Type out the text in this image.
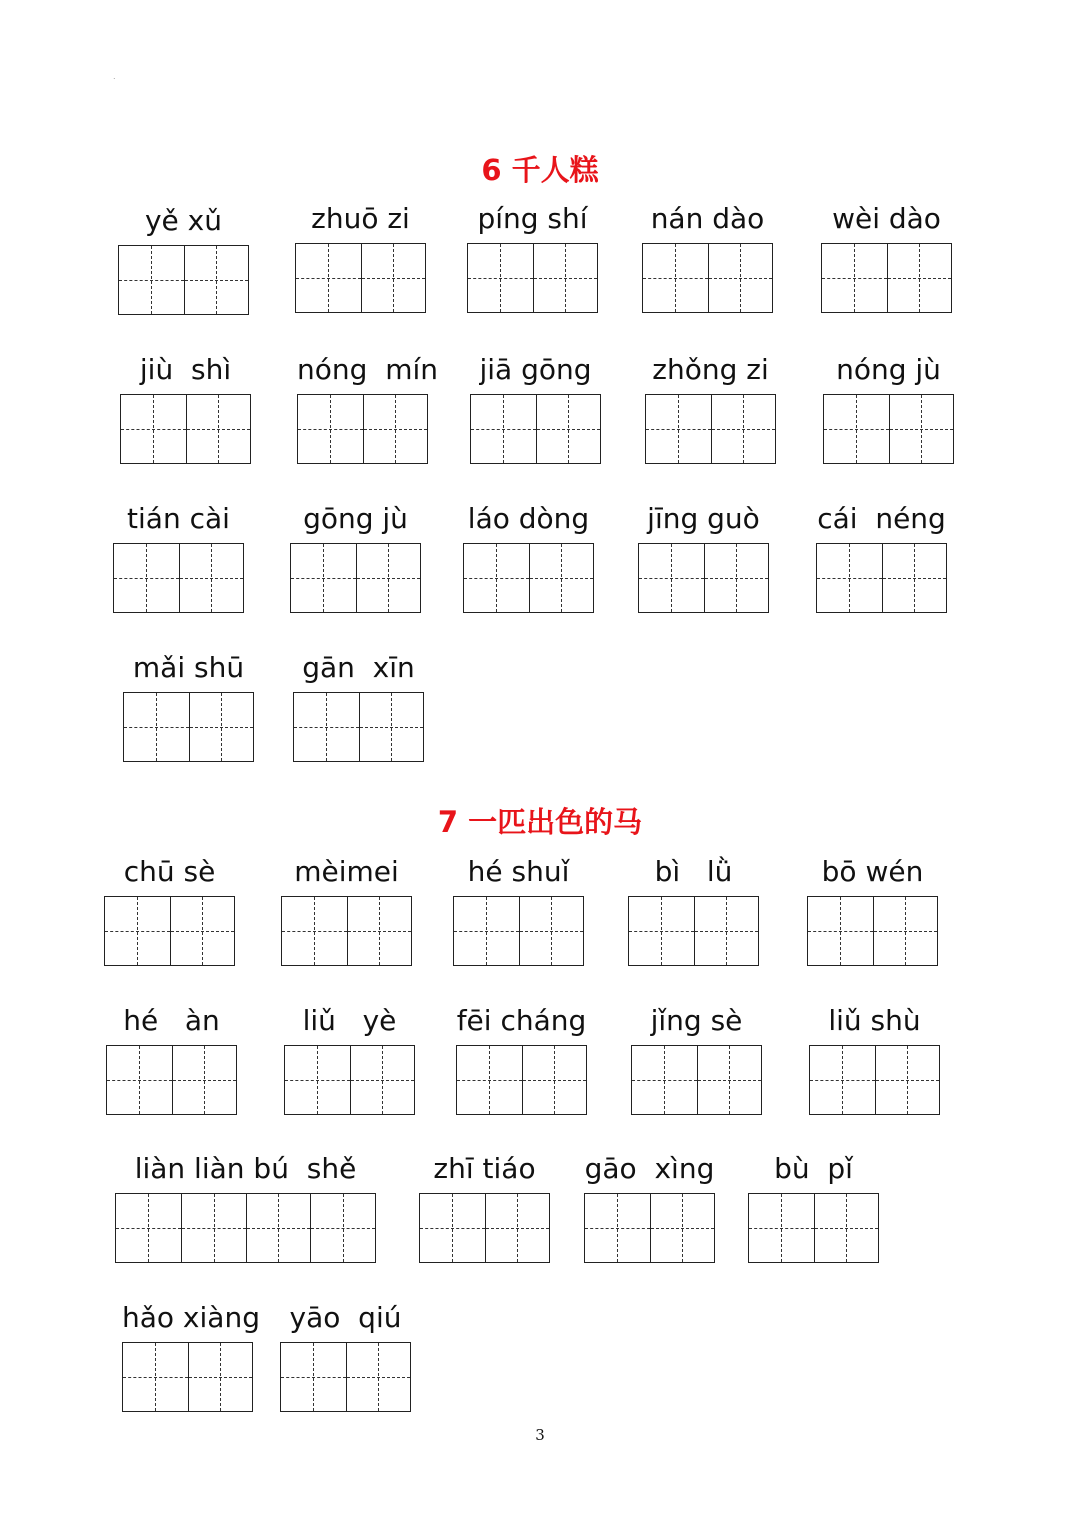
.
6 千人糕
yě xǔ	zhuō zi	píng shí	nán dào	wèi dào
jiù  shì	nóng  mín	jiā gōng	zhǒng zi	nóng jù
tián cài	gōng jù	láo dòng	jīng guò	cái  néng
mǎi shū	gān  xīn
7 一匹出色的马
chū sè	mèimei	hé shuǐ	bì   lǜ	bō wén
hé   àn	liǔ   yè	fēi cháng	jǐng sè	liǔ shù
liàn liàn bú  shě	zhī tiáo	gāo  xìng	bù  pǐ
hǎo xiàng	yāo  qiú
3
